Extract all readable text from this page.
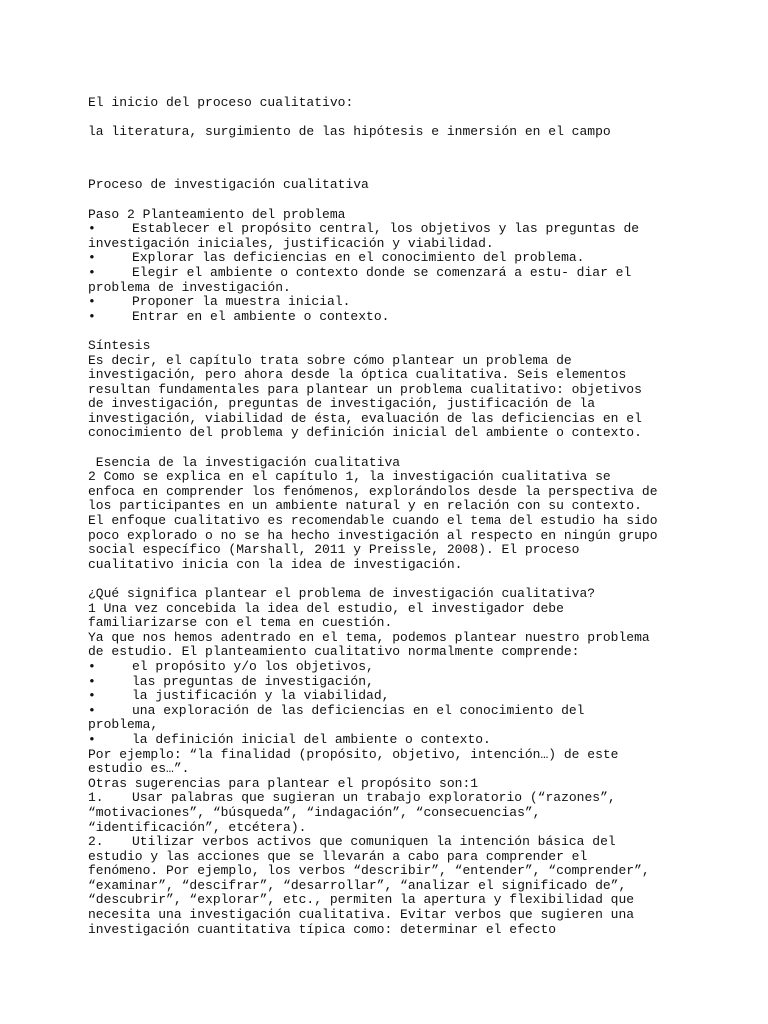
El inicio del proceso cualitativo:
la literatura, surgimiento de las hipótesis e inmersión en el campo
Proceso de investigación cualitativa
Paso 2 Planteamiento del problema
•	Establecer el propósito central, los objetivos y las preguntas de
investigación iniciales, justificación y viabilidad.
•	Explorar las deficiencias en el conocimiento del problema.
•	Elegir el ambiente o contexto donde se comenzará a estu- diar el
problema de investigación.
•	Proponer la muestra inicial.
•	Entrar en el ambiente o contexto.
Síntesis
Es decir, el capítulo trata sobre cómo plantear un problema de
investigación, pero ahora desde la óptica cualitativa. Seis elementos
resultan fundamentales para plantear un problema cualitativo: objetivos
de investigación, preguntas de investigación, justificación de la
investigación, viabilidad de ésta, evaluación de las deficiencias en el
conocimiento del problema y definición inicial del ambiente o contexto.
Esencia de la investigación cualitativa
2 Como se explica en el capítulo 1, la investigación cualitativa se
enfoca en comprender los fenómenos, explorándolos desde la perspectiva de
los participantes en un ambiente natural y en relación con su contexto.
El enfoque cualitativo es recomendable cuando el tema del estudio ha sido
poco explorado o no se ha hecho investigación al respecto en ningún grupo
social específico (Marshall, 2011 y Preissle, 2008). El proceso
cualitativo inicia con la idea de investigación.
¿Qué significa plantear el problema de investigación cualitativa?
1 Una vez concebida la idea del estudio, el investigador debe
familiarizarse con el tema en cuestión.
Ya que nos hemos adentrado en el tema, podemos plantear nuestro problema
de estudio. El planteamiento cualitativo normalmente comprende:
•	el propósito y/o los objetivos,
•	las preguntas de investigación,
•	la justificación y la viabilidad,
•	una exploración de las deficiencias en el conocimiento del
problema,
•	la definición inicial del ambiente o contexto.
Por ejemplo: “la finalidad (propósito, objetivo, intención…) de este
estudio es…”.
Otras sugerencias para plantear el propósito son:1
1.	Usar palabras que sugieran un trabajo exploratorio (“razones”,
“motivaciones”, “búsqueda”, “indagación”, “consecuencias”,
“identificación”, etcétera).
2.	Utilizar verbos activos que comuniquen la intención básica del
estudio y las acciones que se llevarán a cabo para comprender el
fenómeno. Por ejemplo, los verbos “describir”, “entender”, “comprender”,
“examinar”, “descifrar”, “desarrollar”, “analizar el significado de”,
“descubrir”, “explorar”, etc., permiten la apertura y flexibilidad que
necesita una investigación cualitativa. Evitar verbos que sugieren una
investigación cuantitativa típica como: determinar el efecto
